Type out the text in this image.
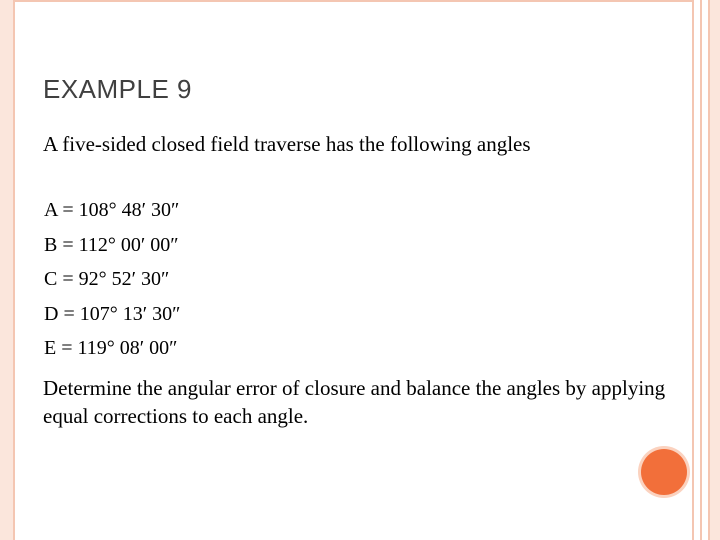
EXAMPLE 9
A five-sided closed field traverse has the following angles
A = 108° 48′ 30″
B = 112° 00′ 00″
C = 92° 52′ 30″
D = 107° 13′ 30″
E = 119° 08′ 00″
Determine the angular error of closure and balance the angles by applying equal corrections to each angle.
